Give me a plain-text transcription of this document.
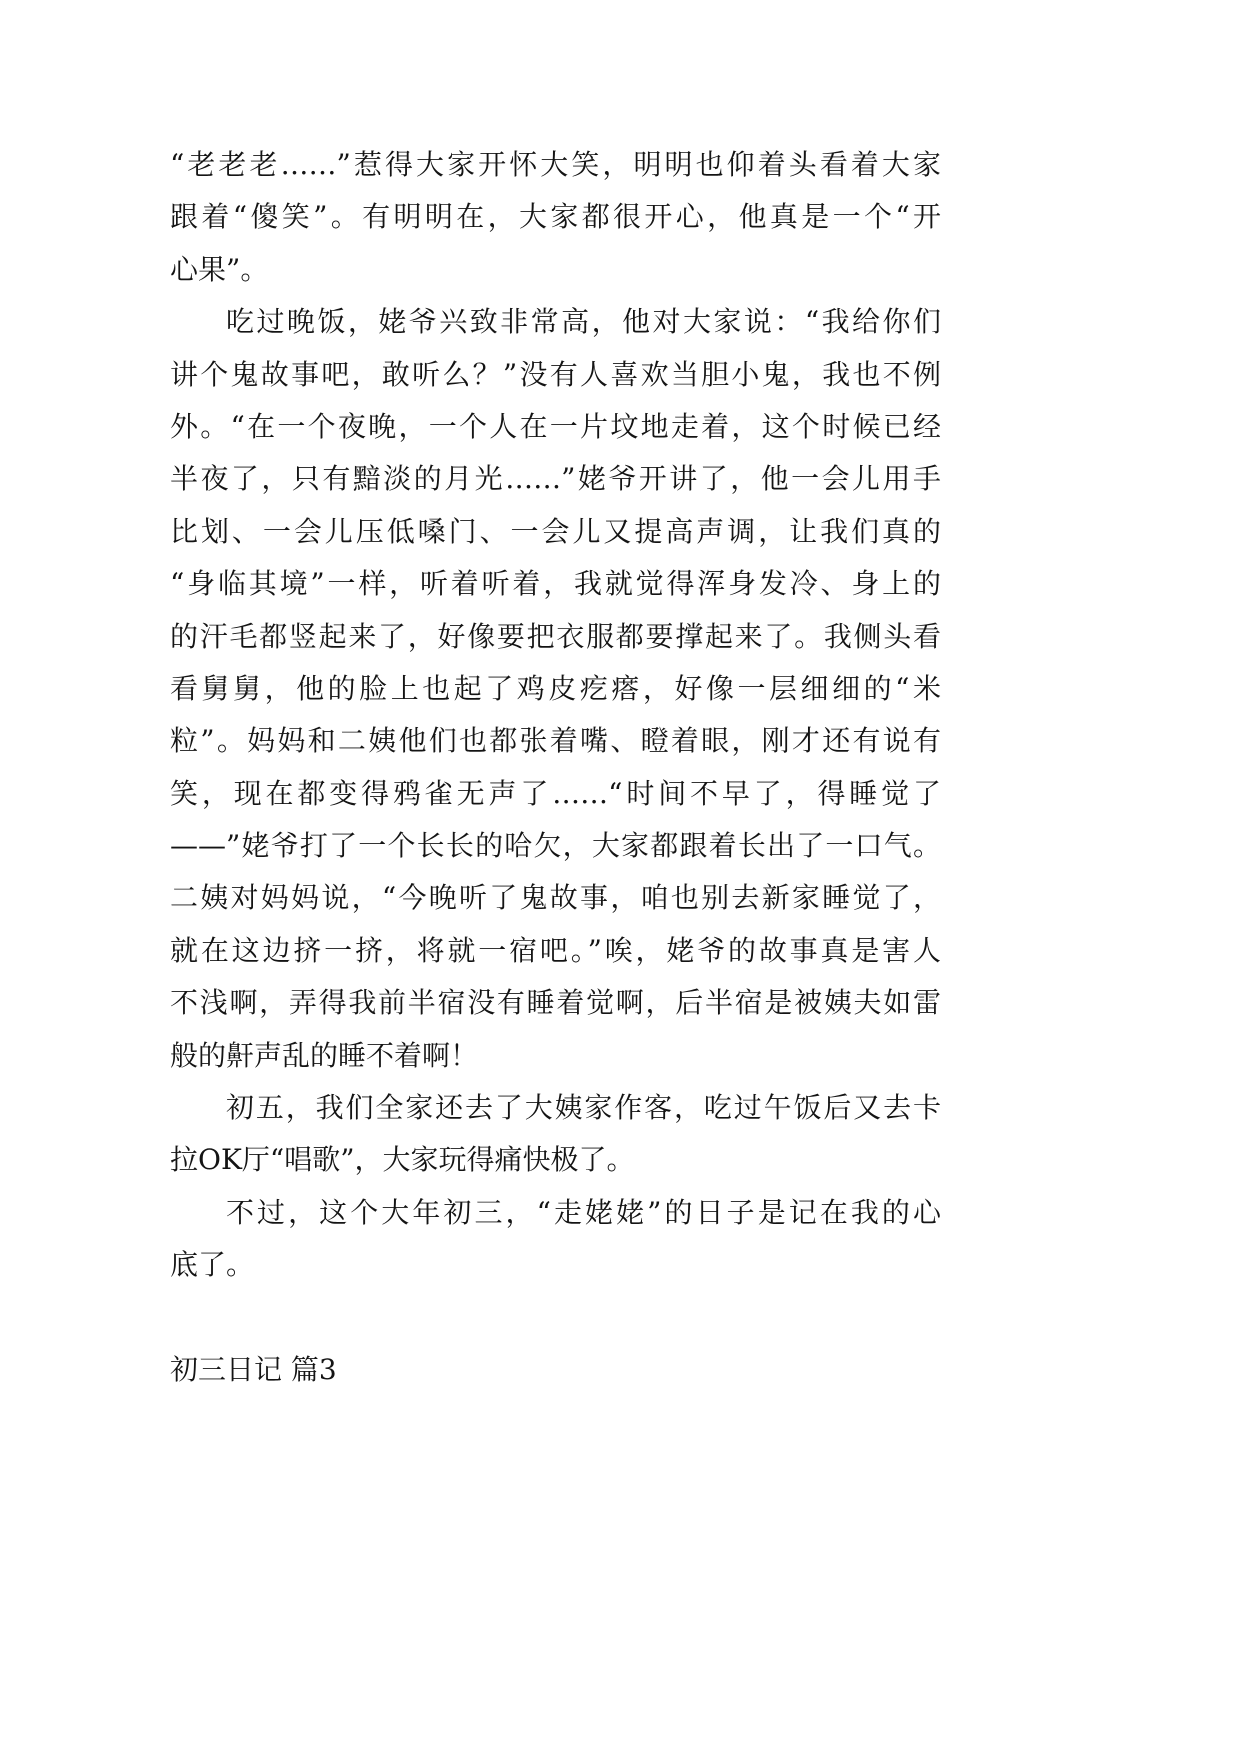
“老老老……”惹得大家开怀大笑，明明也仰着头看着大家
跟着“傻笑”。有明明在，大家都很开心，他真是一个“开
心果”。
吃过晚饭，姥爷兴致非常高，他对大家说：“我给你们
讲个鬼故事吧，敢听么？”没有人喜欢当胆小鬼，我也不例
外。“在一个夜晚，一个人在一片坟地走着，这个时候已经
半夜了，只有黯淡的月光……”姥爷开讲了，他一会儿用手
比划、一会儿压低嗓门、一会儿又提高声调，让我们真的
“身临其境”一样，听着听着，我就觉得浑身发冷、身上的
的汗毛都竖起来了，好像要把衣服都要撑起来了。我侧头看
看舅舅，他的脸上也起了鸡皮疙瘩，好像一层细细的“米
粒”。妈妈和二姨他们也都张着嘴、瞪着眼，刚才还有说有
笑，现在都变得鸦雀无声了……“时间不早了，得睡觉了
——”姥爷打了一个长长的哈欠，大家都跟着长出了一口气。
二姨对妈妈说，“今晚听了鬼故事，咱也别去新家睡觉了，
就在这边挤一挤，将就一宿吧。”唉，姥爷的故事真是害人
不浅啊，弄得我前半宿没有睡着觉啊，后半宿是被姨夫如雷
般的鼾声乱的睡不着啊！
初五，我们全家还去了大姨家作客，吃过午饭后又去卡
拉OK厅“唱歌”，大家玩得痛快极了。
不过，这个大年初三，“走姥姥”的日子是记在我的心
底了。
初三日记 篇3
